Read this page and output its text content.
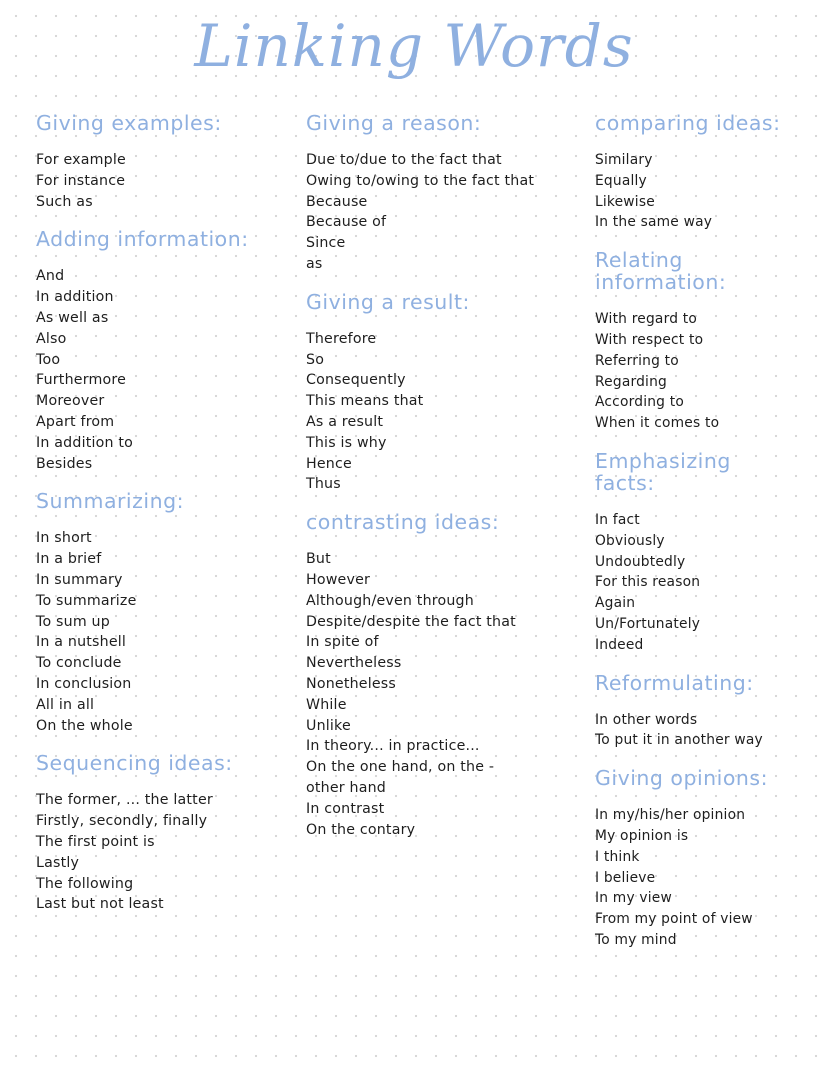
Linking Words
Giving examples:
For example
For instance
Such as
Adding information:
And
In addition
As well as
Also
Too
Furthermore
Moreover
Apart from
In addition to
Besides
Summarizing:
In short
In a brief
In summary
To summarize
To sum up
In a nutshell
To conclude
In conclusion
All in all
On the whole
Sequencing ideas:
The former, ... the latter
Firstly, secondly, finally
The first point is
Lastly
The following
Last but not least
Giving a reason:
Due to/due to the fact that
Owing to/owing to the fact that
Because
Because of
Since
as
Giving a result:
Therefore
So
Consequently
This means that
As a result
This is why
Hence
Thus
contrasting ideas:
But
However
Although/even through
Despite/despite the fact that
In spite of
Nevertheless
Nonetheless
While
Unlike
In theory... in practice...
On the one hand, on the -
other hand
In contrast
On the contary
comparing ideas:
Similary
Equally
Likewise
In the same way
Relating information:
With regard to
With respect to
Referring to
Regarding
According to
When it comes to
Emphasizing facts:
In fact
Obviously
Undoubtedly
For this reason
Again
Un/Fortunately
Indeed
Reformulating:
In other words
To put it in another way
Giving opinions:
In my/his/her opinion
My opinion is
I think
I believe
In my view
From my point of view
To my mind
